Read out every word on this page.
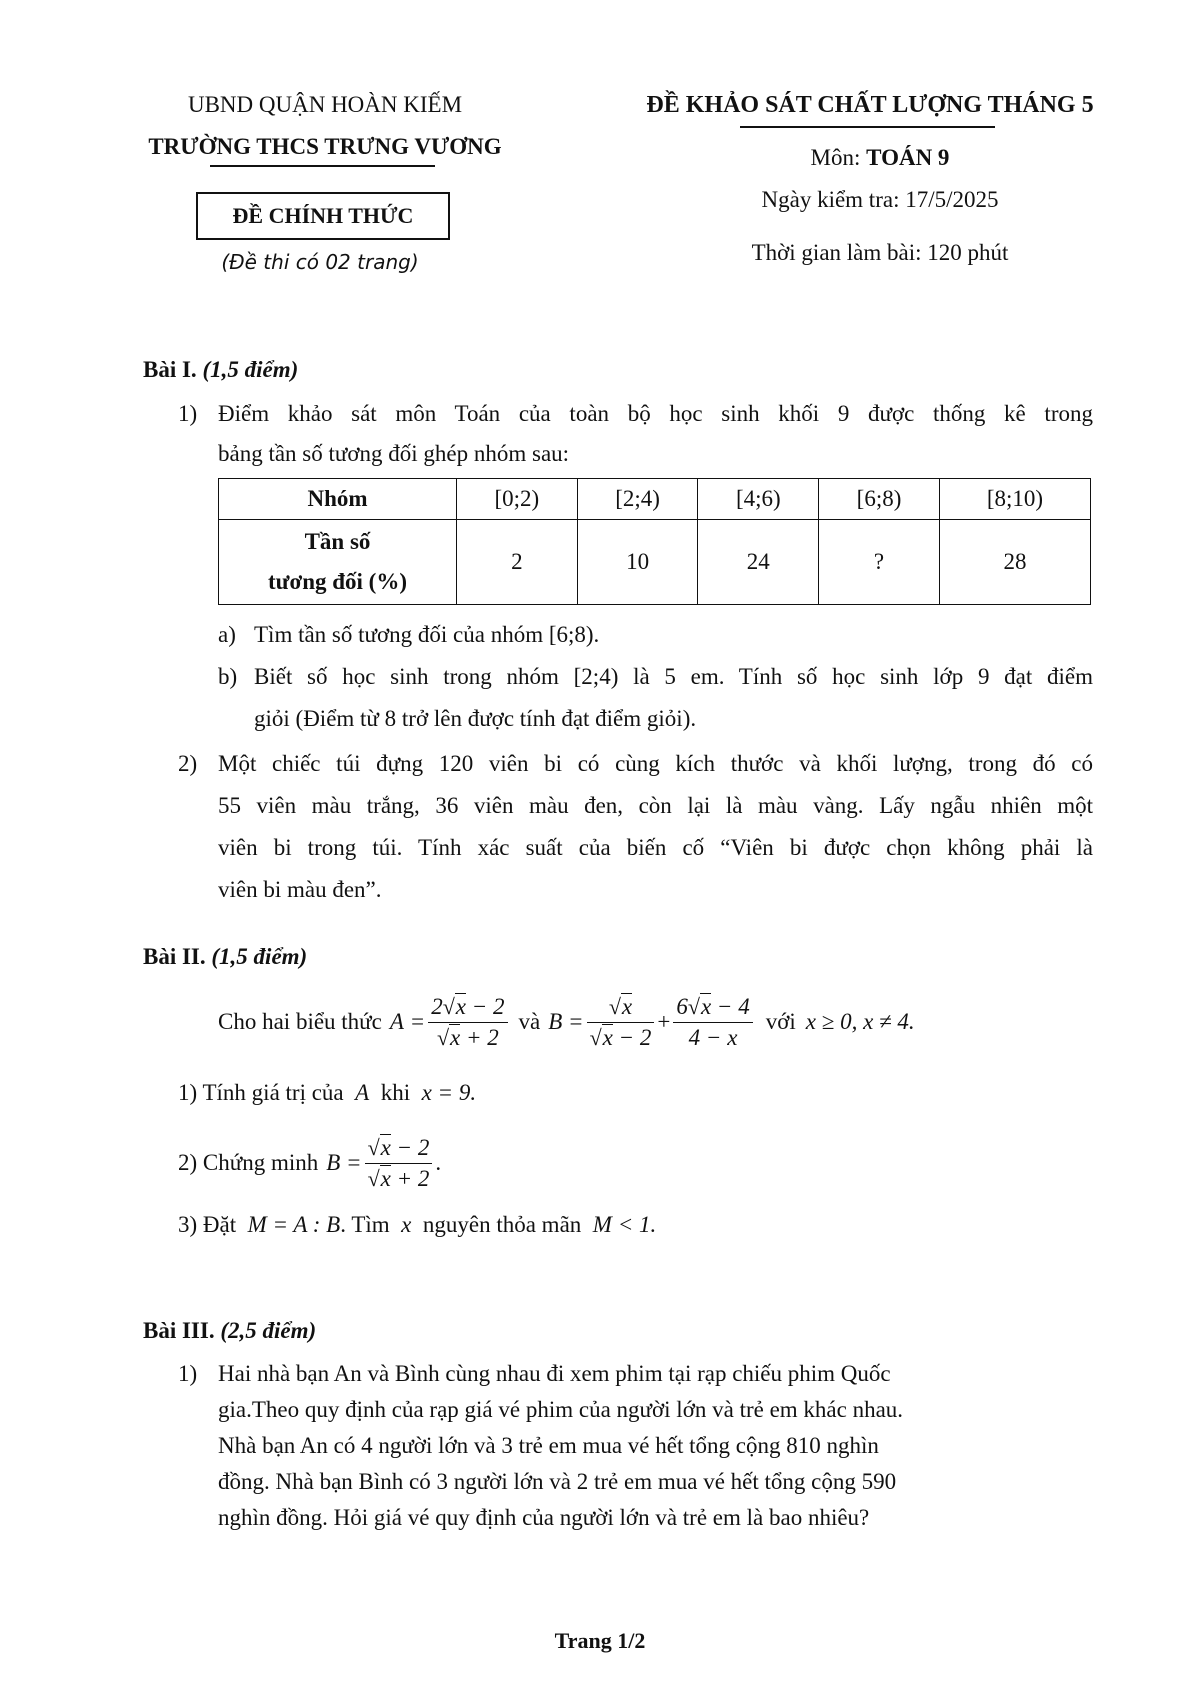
UBND QUẬN HOÀN KIẾM
TRƯỜNG THCS TRƯNG VƯƠNG
ĐỀ CHÍNH THỨC
(Đề thi có 02 trang)
ĐỀ KHẢO SÁT CHẤT LƯỢNG THÁNG 5
Môn: TOÁN 9
Ngày kiểm tra: 17/5/2025
Thời gian làm bài: 120 phút
Bài I. (1,5 điểm)
1) Điểm khảo sát môn Toán của toàn bộ học sinh khối 9 được thống kê trong
bảng tần số tương đối ghép nhóm sau:
Nhóm	[0;2)	[2;4)	[4;6)	[6;8)	[8;10)
Tần số
tương đối (%)	2	10	24	?	28
a) Tìm tần số tương đối của nhóm [6;8).
b) Biết số học sinh trong nhóm [2;4) là 5 em. Tính số học sinh lớp 9 đạt điểm
giỏi (Điểm từ 8 trở lên được tính đạt điểm giỏi).
2) Một chiếc túi đựng 120 viên bi có cùng kích thước và khối lượng, trong đó có
55 viên màu trắng, 36 viên màu đen, còn lại là màu vàng. Lấy ngẫu nhiên một
viên bi trong túi. Tính xác suất của biến cố “Viên bi được chọn không phải là
viên bi màu đen”.
Bài II. (1,5 điểm)
Cho hai biểu thức $A = \frac{2√x - 2}{√x + 2}$ và $B = \frac{√x}{√x - 2} + \frac{6√x - 4}{4 - x}$ với x ≥ 0, x ≠ 4.
1) Tính giá trị của  A  khi  x = 9.
2) Chứng minh $B = \frac{√x - 2}{√x + 2}$ .
3) Đặt  M = A : B. Tìm  x  nguyên thỏa mãn  M < 1.
Bài III. (2,5 điểm)
1) Hai nhà bạn An và Bình cùng nhau đi xem phim tại rạp chiếu phim Quốc
gia.Theo quy định của rạp giá vé phim của người lớn và trẻ em khác nhau.
Nhà bạn An có 4 người lớn và 3 trẻ em mua vé hết tổng cộng 810 nghìn
đồng. Nhà bạn Bình có 3 người lớn và 2 trẻ em mua vé hết tổng cộng 590
nghìn đồng. Hỏi giá vé quy định của người lớn và trẻ em là bao nhiêu?
Trang 1/2
